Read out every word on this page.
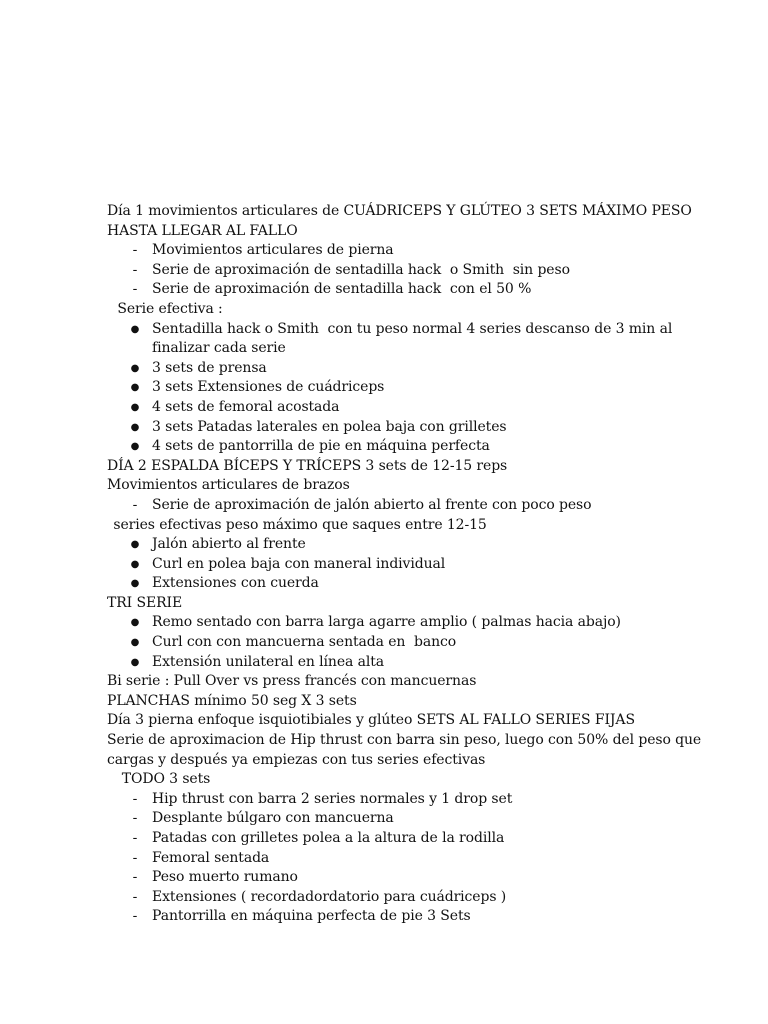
Día 1 movimientos articulares de CUÁDRICEPS Y GLÚTEO 3 SETS MÁXIMO PESO HASTA LLEGAR AL FALLO
-	Movimientos articulares de pierna
-	Serie de aproximación de sentadilla hack  o Smith  sin peso
-	Serie de aproximación de sentadilla hack  con el 50 %
Serie efectiva :
● Sentadilla hack o Smith  con tu peso normal 4 series descanso de 3 min al finalizar cada serie
● 3 sets de prensa
● 3 sets Extensiones de cuádriceps
● 4 sets de femoral acostada
● 3 sets Patadas laterales en polea baja con grilletes
● 4 sets de pantorrilla de pie en máquina perfecta
DÍA 2 ESPALDA BÍCEPS Y TRÍCEPS 3 sets de 12-15 reps
Movimientos articulares de brazos
-	Serie de aproximación de jalón abierto al frente con poco peso
series efectivas peso máximo que saques entre 12-15
● Jalón abierto al frente
● Curl en polea baja con maneral individual
● Extensiones con cuerda
TRI SERIE
● Remo sentado con barra larga agarre amplio ( palmas hacia abajo)
● Curl con con mancuerna sentada en  banco
● Extensión unilateral en línea alta
Bi serie : Pull Over vs press francés con mancuernas
PLANCHAS mínimo 50 seg X 3 sets
Día 3 pierna enfoque isquiotibiales y glúteo SETS AL FALLO SERIES FIJAS
Serie de aproximacion de Hip thrust con barra sin peso, luego con 50% del peso que cargas y después ya empiezas con tus series efectivas
TODO 3 sets
-	Hip thrust con barra 2 series normales y 1 drop set
-	Desplante búlgaro con mancuerna
-	Patadas con grilletes polea a la altura de la rodilla
-	Femoral sentada
-	Peso muerto rumano
-	Extensiones ( recordadordatorio para cuádriceps )
-	Pantorrilla en máquina perfecta de pie 3 Sets
